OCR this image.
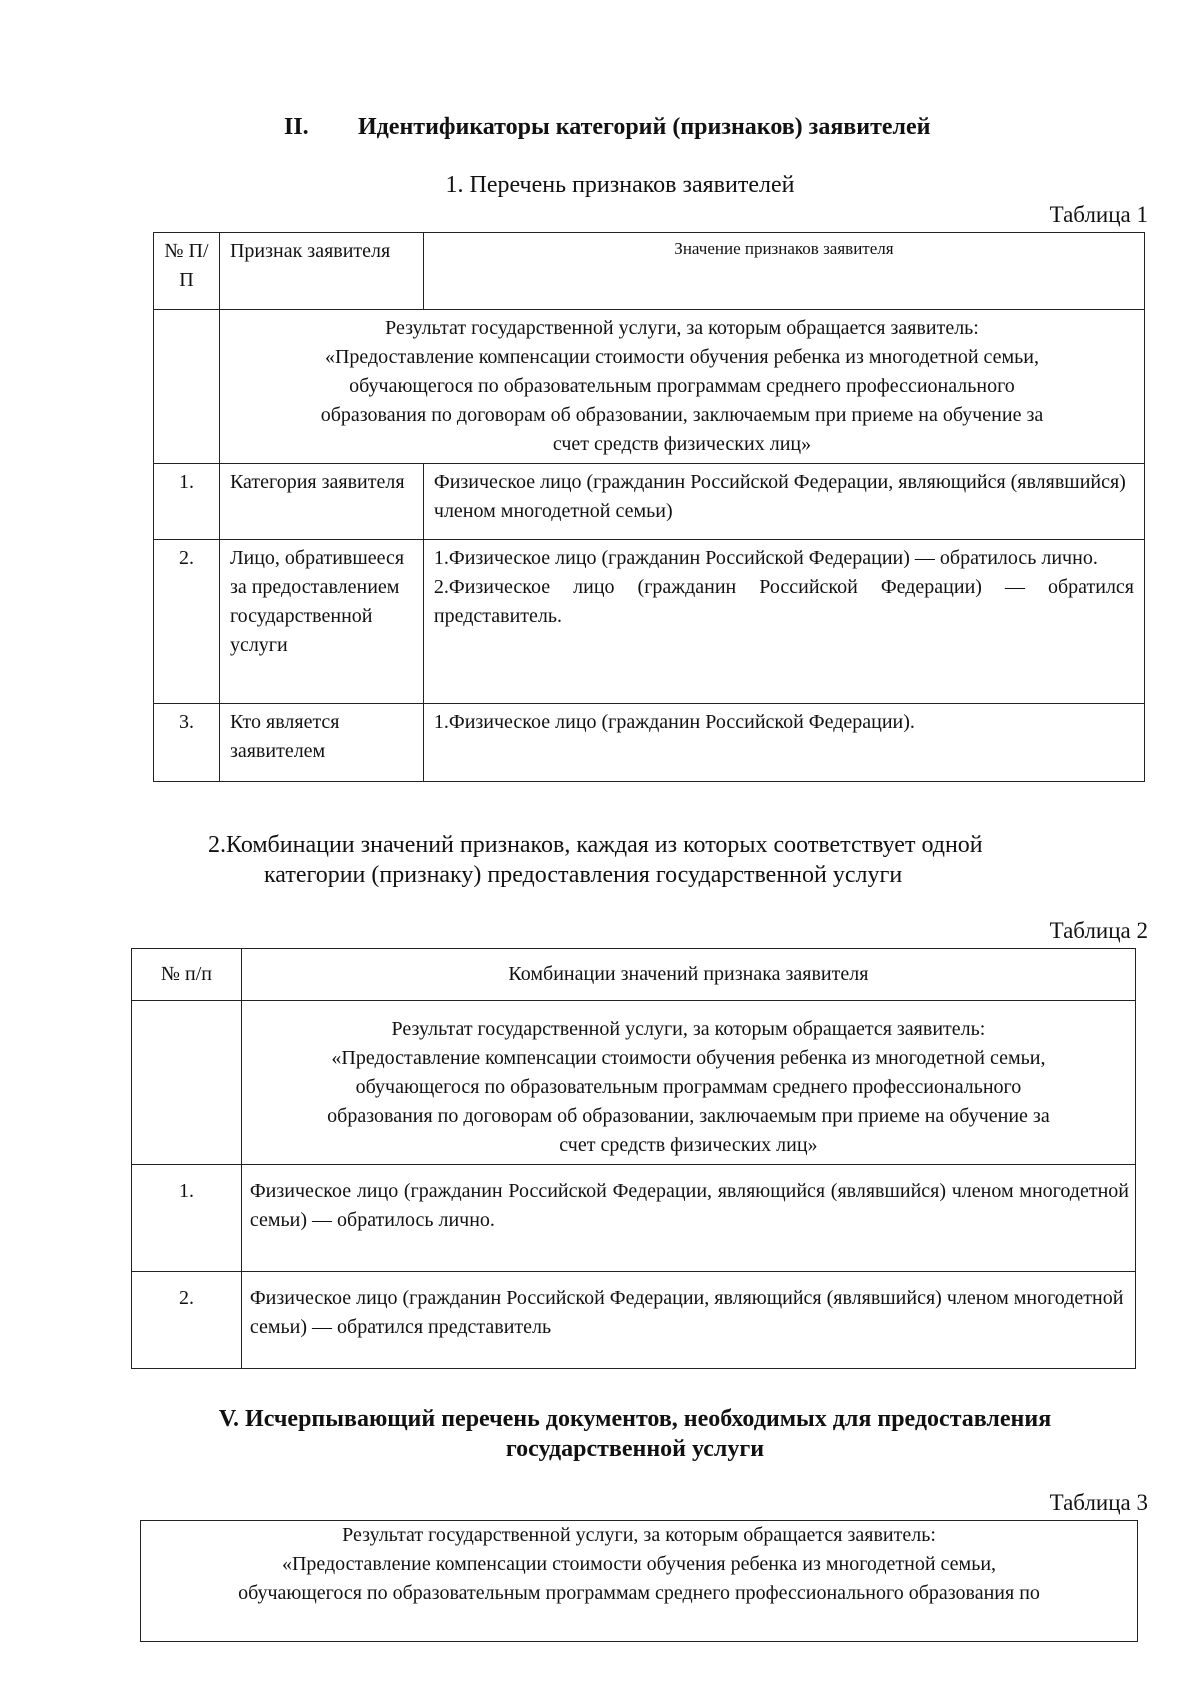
II. Идентификаторы категорий (признаков) заявителей
1. Перечень признаков заявителей
Таблица 1
№ П/П	Признак заявителя	Значение признаков заявителя

	Результат государственной услуги, за которым обращается заявитель:
«Предоставление компенсации стоимости обучения ребенка из многодетной семьи,
обучающегося по образовательным программам среднего профессионального
образования по договорам об образовании, заключаемым при приеме на обучение за
счет средств физических лиц»	

1.	Категория заявителя	Физическое лицо (гражданин Российской Федерации, являющийся (являвшийся) членом многодетной семьи)
2.	Лицо, обратившееся за предоставлением государственной услуги	1.Физическое лицо (гражданин Российской Федерации) — обратилось лично.
2.Физическое лицо (гражданин Российской Федерации) — обратился представитель.

3.	Кто является заявителем	1.Физическое лицо (гражданин Российской Федерации).
2.Комбинации значений признаков, каждая из которых соответствует одной
категории (признаку) предоставления государственной услуги
Таблица 2
№ п/п	Комбинации значений признака заявителя

	Результат государственной услуги, за которым обращается заявитель:
«Предоставление компенсации стоимости обучения ребенка из многодетной семьи,
обучающегося по образовательным программам среднего профессионального
образования по договорам об образовании, заключаемым при приеме на обучение за
счет средств физических лиц»

1.	Физическое лицо (гражданин Российской Федерации, являющийся (являвшийся) членом многодетной семьи) — обратилось лично.
2.	Физическое лицо (гражданин Российской Федерации, являющийся (являвшийся) членом многодетной семьи) — обратился представитель
V. Исчерпывающий перечень документов, необходимых для предоставления
государственной услуги
Таблица 3
Результат государственной услуги, за которым обращается заявитель:
«Предоставление компенсации стоимости обучения ребенка из многодетной семьи,
обучающегося по образовательным программам среднего профессионального образования по
